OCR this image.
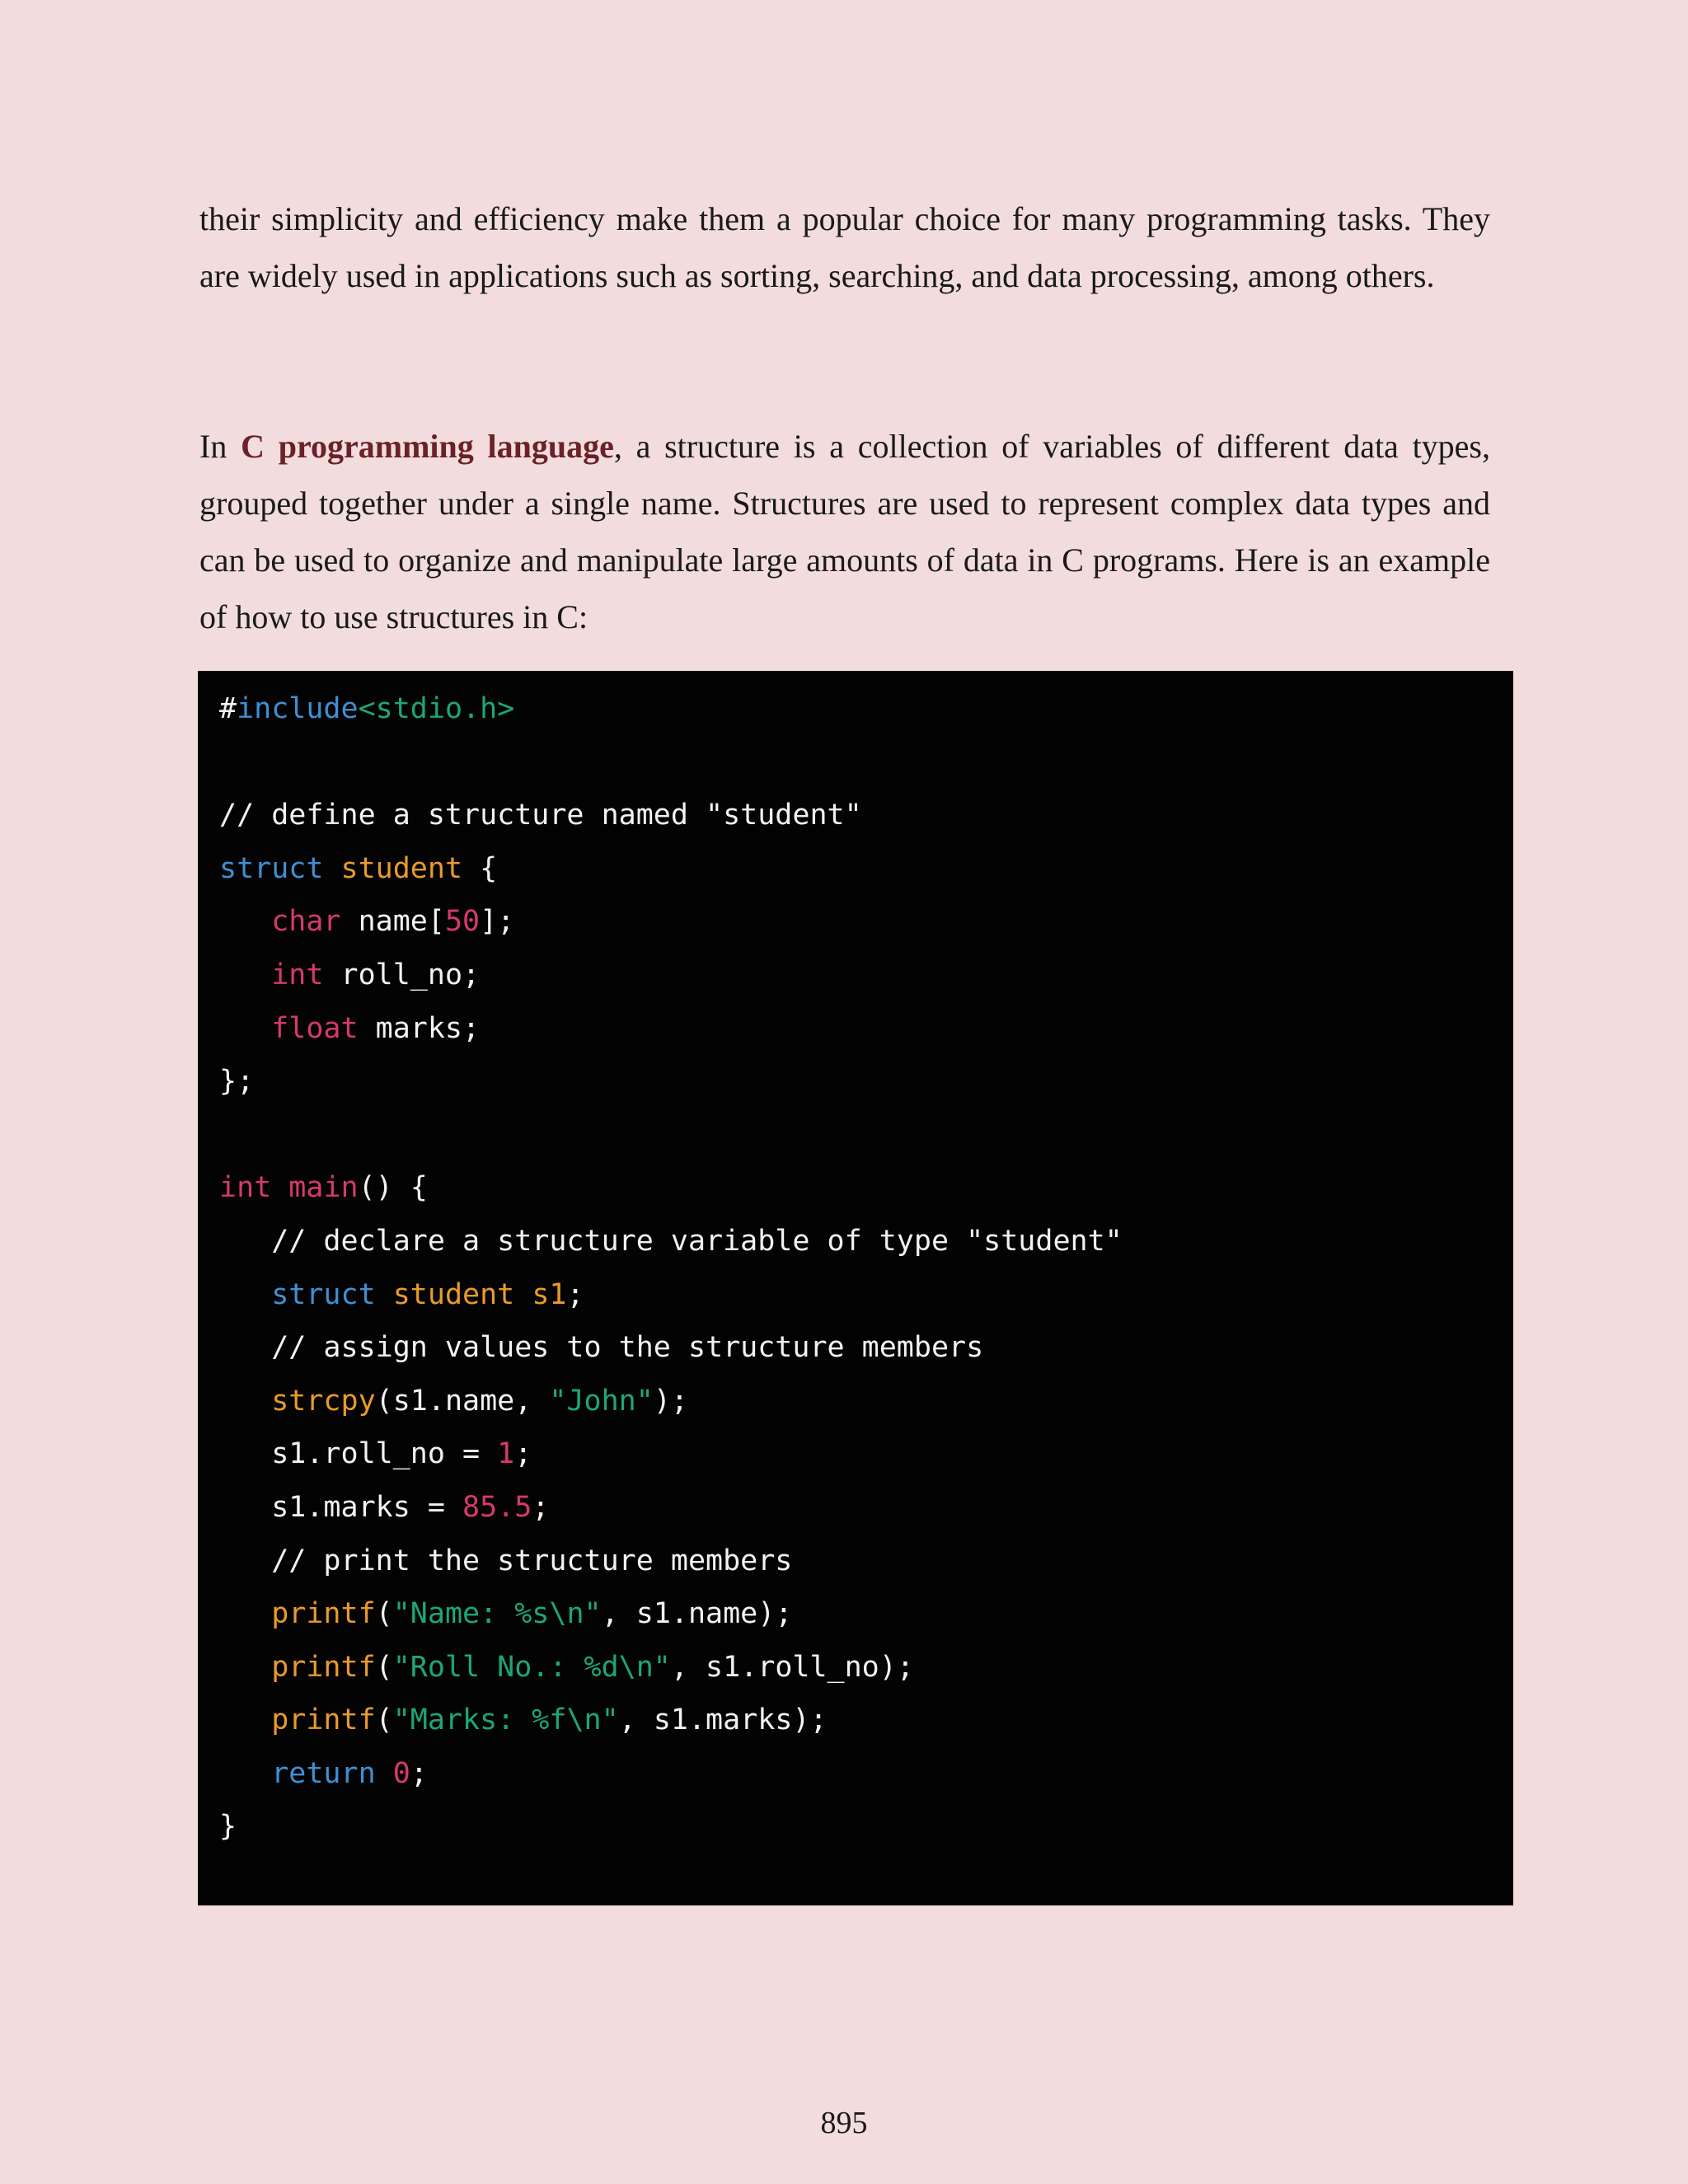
their simplicity and efficiency make them a popular choice for many programming tasks. They are widely used in applications such as sorting, searching, and data processing, among others.

In C programming language, a structure is a collection of variables of different data types, grouped together under a single name. Structures are used to represent complex data types and can be used to organize and manipulate large amounts of data in C programs. Here is an example of how to use structures in C:

#include<stdio.h>

// define a structure named "student"
struct student {
char name[50];
int roll_no;
float marks;
};

int main() {
// declare a structure variable of type "student"
struct student s1;
// assign values to the structure members
strcpy(s1.name, "John");
s1.roll_no = 1;
s1.marks = 85.5;
// print the structure members
printf("Name: %s\n", s1.name);
printf("Roll No.: %d\n", s1.roll_no);
printf("Marks: %f\n", s1.marks);
return 0;
}
895
